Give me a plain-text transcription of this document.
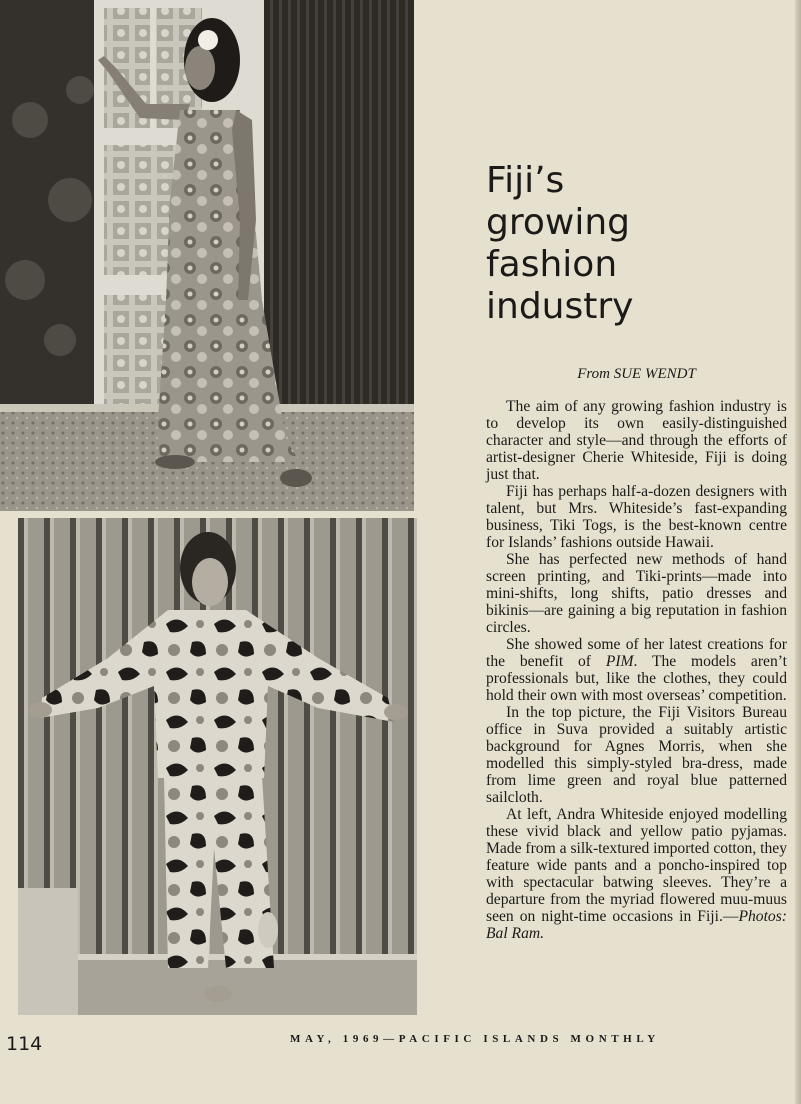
Fiji’s
growing
fashion
industry

From SUE WENDT

The aim of any growing fashion industry is to develop its own easily-distinguished character and style—and through the efforts of artist-designer Cherie Whiteside, Fiji is doing just that.

Fiji has perhaps half-a-dozen designers with talent, but Mrs. Whiteside’s fast-expanding business, Tiki Togs, is the best-known centre for Islands’ fashions outside Hawaii.

She has perfected new methods of hand screen printing, and Tiki-prints—made into mini-shifts, long shifts, patio dresses and bikinis—are gaining a big reputation in fashion circles.

She showed some of her latest creations for the benefit of PIM. The models aren’t professionals but, like the clothes, they could hold their own with most overseas’ competition.

In the top picture, the Fiji Visitors Bureau office in Suva provided a suitably artistic background for Agnes Morris, when she modelled this simply-styled bra-dress, made from lime green and royal blue patterned sailcloth.

At left, Andra Whiteside enjoyed modelling these vivid black and yellow patio pyjamas. Made from a silk-textured imported cotton, they feature wide pants and a poncho-inspired top with spectacular batwing sleeves. They’re a departure from the myriad flowered muu-muus seen on night-time occasions in Fiji.—Photos: Bal Ram.

114	MAY, 1969—PACIFIC ISLANDS MONTHLY
